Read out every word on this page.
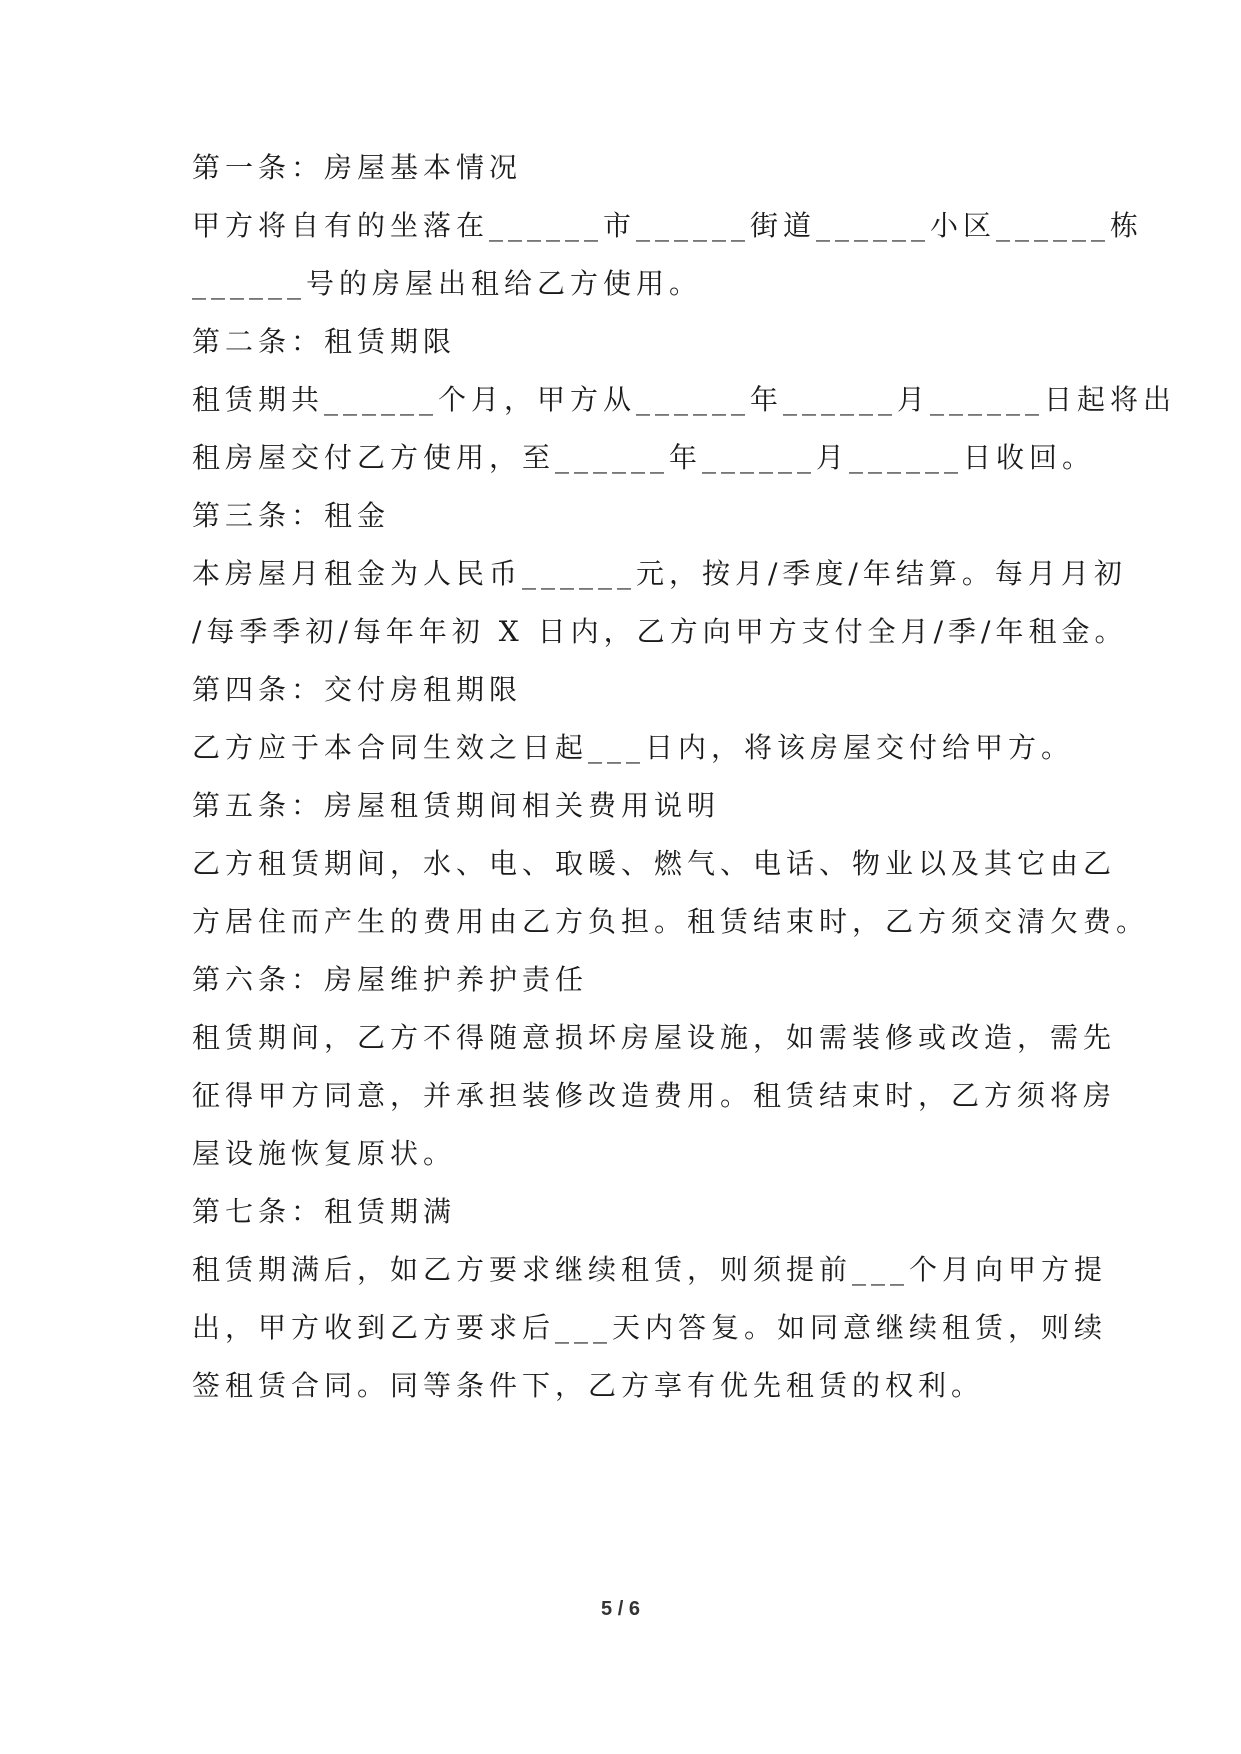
第一条：房屋基本情况
甲方将自有的坐落在______市______街道______小区______栋
______号的房屋出租给乙方使用。
第二条：租赁期限
租赁期共______个月，甲方从______年______月______日起将出
租房屋交付乙方使用，至______年______月______日收回。
第三条：租金
本房屋月租金为人民币______元，按月/季度/年结算。每月月初
/每季季初/每年年初 X 日内，乙方向甲方支付全月/季/年租金。
第四条：交付房租期限
乙方应于本合同生效之日起___日内，将该房屋交付给甲方。
第五条：房屋租赁期间相关费用说明
乙方租赁期间，水、电、取暖、燃气、电话、物业以及其它由乙
方居住而产生的费用由乙方负担。租赁结束时，乙方须交清欠费。
第六条：房屋维护养护责任
租赁期间，乙方不得随意损坏房屋设施，如需装修或改造，需先
征得甲方同意，并承担装修改造费用。租赁结束时，乙方须将房
屋设施恢复原状。
第七条：租赁期满
租赁期满后，如乙方要求继续租赁，则须提前___个月向甲方提
出，甲方收到乙方要求后___天内答复。如同意继续租赁，则续
签租赁合同。同等条件下，乙方享有优先租赁的权利。
5 / 6
